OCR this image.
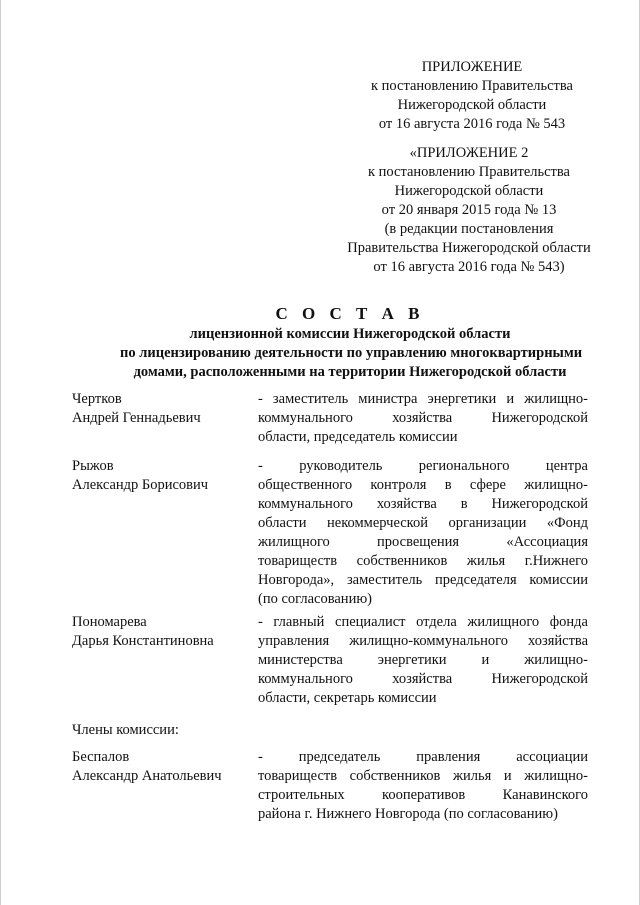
ПРИЛОЖЕНИЕ
к постановлению Правительства
Нижегородской области
от 16 августа 2016 года № 543
«ПРИЛОЖЕНИЕ 2
к постановлению Правительства
Нижегородской области
от 20 января 2015 года № 13
(в редакции постановления
Правительства Нижегородской области
от 16 августа 2016 года № 543)
С О С Т А В
лицензионной комиссии Нижегородской области
по лицензированию деятельности по управлению многоквартирными
домами, расположенными на территории Нижегородской области
Чертков
Андрей Геннадьевич
- заместитель министра энергетики и жилищно-
коммунального хозяйства Нижегородской
области, председатель комиссии
Рыжов
Александр Борисович
- руководитель регионального центра
общественного контроля в сфере жилищно-
коммунального хозяйства в Нижегородской
области некоммерческой организации «Фонд
жилищного просвещения «Ассоциация
товариществ собственников жилья г.Нижнего
Новгорода», заместитель председателя комиссии
(по согласованию)
Пономарева
Дарья Константиновна
- главный специалист отдела жилищного фонда
управления жилищно-коммунального хозяйства
министерства энергетики и жилищно-
коммунального хозяйства Нижегородской
области, секретарь комиссии
Члены комиссии:
Беспалов
Александр Анатольевич
- председатель правления ассоциации
товариществ собственников жилья и жилищно-
строительных кооперативов Канавинского
района г. Нижнего Новгорода (по согласованию)
